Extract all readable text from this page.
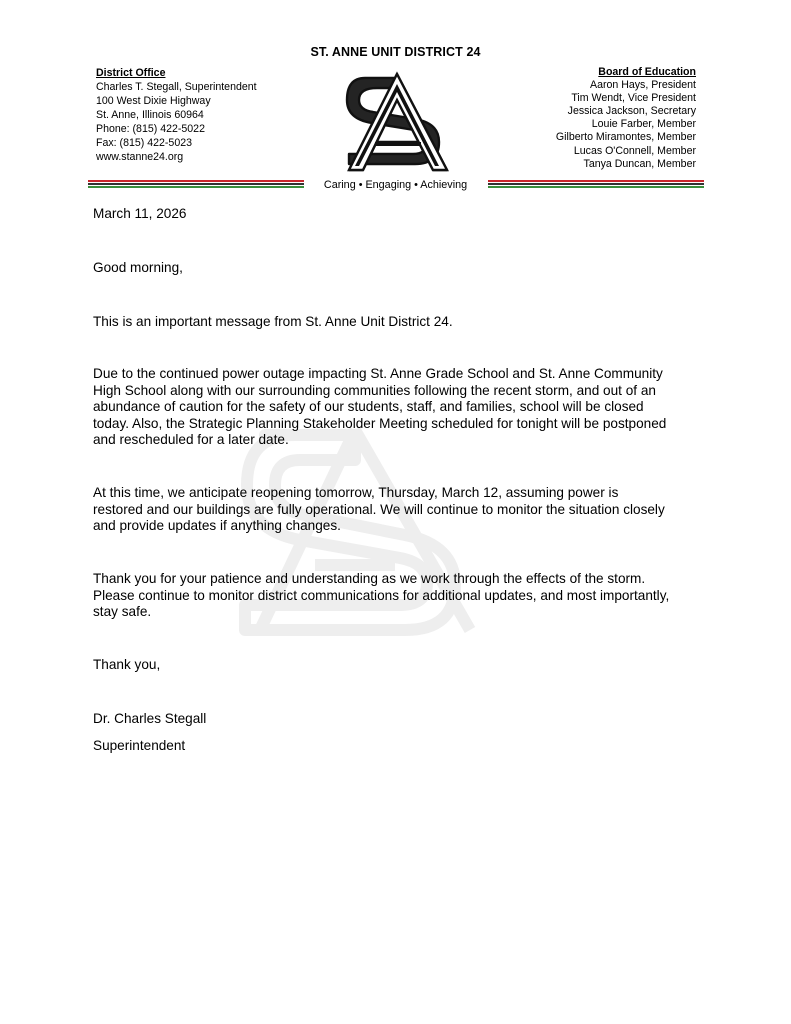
ST. ANNE UNIT DISTRICT 24
District Office
Charles T. Stegall, Superintendent
100 West Dixie Highway
St. Anne, Illinois 60964
Phone: (815) 422-5022
Fax: (815) 422-5023
www.stanne24.org
Board of Education
Aaron Hays, President
Tim Wendt, Vice President
Jessica Jackson, Secretary
Louie Farber, Member
Gilberto Miramontes, Member
Lucas O'Connell, Member
Tanya Duncan, Member
Caring • Engaging • Achieving
March 11, 2026
Good morning,
This is an important message from St. Anne Unit District 24.

Due to the continued power outage impacting St. Anne Grade School and St. Anne Community

High School along with our surrounding communities following the recent storm, and out of an

abundance of caution for the safety of our students, staff, and families, school will be closed

today. Also, the Strategic Planning Stakeholder Meeting scheduled for tonight will be postponed

and rescheduled for a later date.

At this time, we anticipate reopening tomorrow, Thursday, March 12, assuming power is

restored and our buildings are fully operational. We will continue to monitor the situation closely

and provide updates if anything changes.

Thank you for your patience and understanding as we work through the effects of the storm.

Please continue to monitor district communications for additional updates, and most importantly,

stay safe.

Thank you,
Dr. Charles Stegall
Superintendent
